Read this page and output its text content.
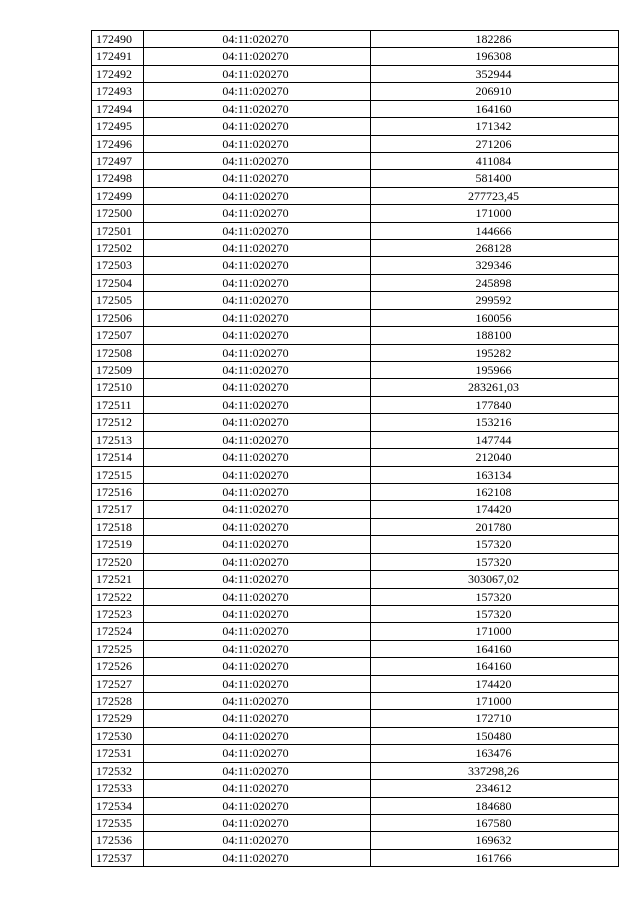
172490	04:11:020270	182286
172491	04:11:020270	196308
172492	04:11:020270	352944
172493	04:11:020270	206910
172494	04:11:020270	164160
172495	04:11:020270	171342
172496	04:11:020270	271206
172497	04:11:020270	411084
172498	04:11:020270	581400
172499	04:11:020270	277723,45
172500	04:11:020270	171000
172501	04:11:020270	144666
172502	04:11:020270	268128
172503	04:11:020270	329346
172504	04:11:020270	245898
172505	04:11:020270	299592
172506	04:11:020270	160056
172507	04:11:020270	188100
172508	04:11:020270	195282
172509	04:11:020270	195966
172510	04:11:020270	283261,03
172511	04:11:020270	177840
172512	04:11:020270	153216
172513	04:11:020270	147744
172514	04:11:020270	212040
172515	04:11:020270	163134
172516	04:11:020270	162108
172517	04:11:020270	174420
172518	04:11:020270	201780
172519	04:11:020270	157320
172520	04:11:020270	157320
172521	04:11:020270	303067,02
172522	04:11:020270	157320
172523	04:11:020270	157320
172524	04:11:020270	171000
172525	04:11:020270	164160
172526	04:11:020270	164160
172527	04:11:020270	174420
172528	04:11:020270	171000
172529	04:11:020270	172710
172530	04:11:020270	150480
172531	04:11:020270	163476
172532	04:11:020270	337298,26
172533	04:11:020270	234612
172534	04:11:020270	184680
172535	04:11:020270	167580
172536	04:11:020270	169632
172537	04:11:020270	161766
